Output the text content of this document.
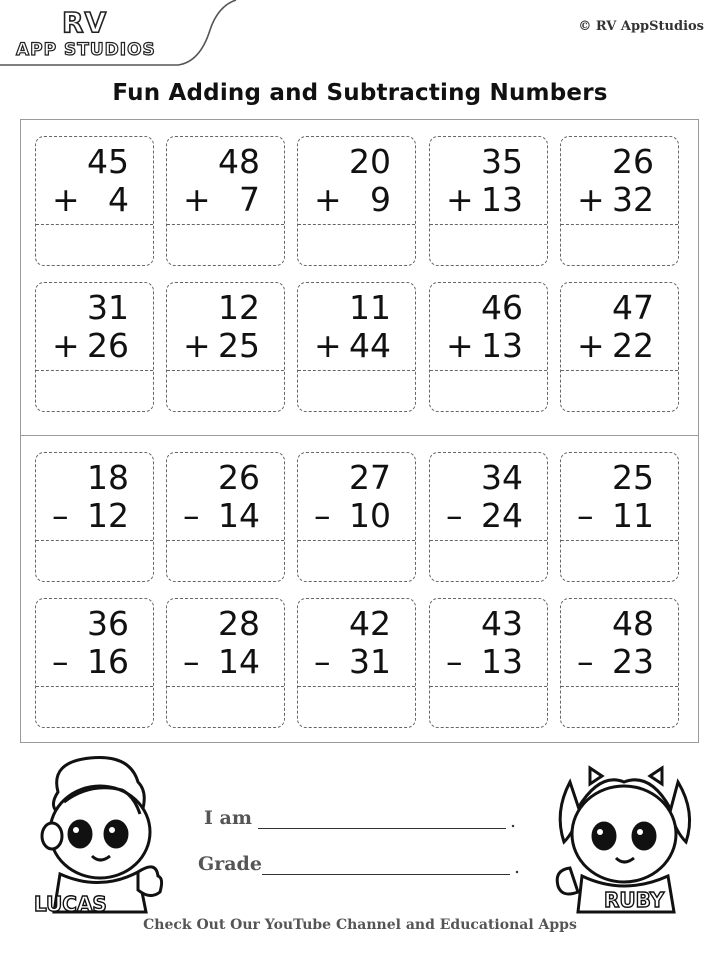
RV
APP STUDIOS
© RV AppStudios
Fun Adding and Subtracting Numbers
45
+ 4
48
+ 7
20
+ 9
35
+ 13
26
+ 32
31
+ 26
12
+ 25
11
+ 44
46
+ 13
47
+ 22
18
– 12
26
– 14
27
– 10
34
– 24
25
– 11
36
– 16
28
– 14
42
– 31
43
– 13
48
– 23
LUCAS	RUBY
I am	.
Grade	.
Check Out Our YouTube Channel and Educational Apps
